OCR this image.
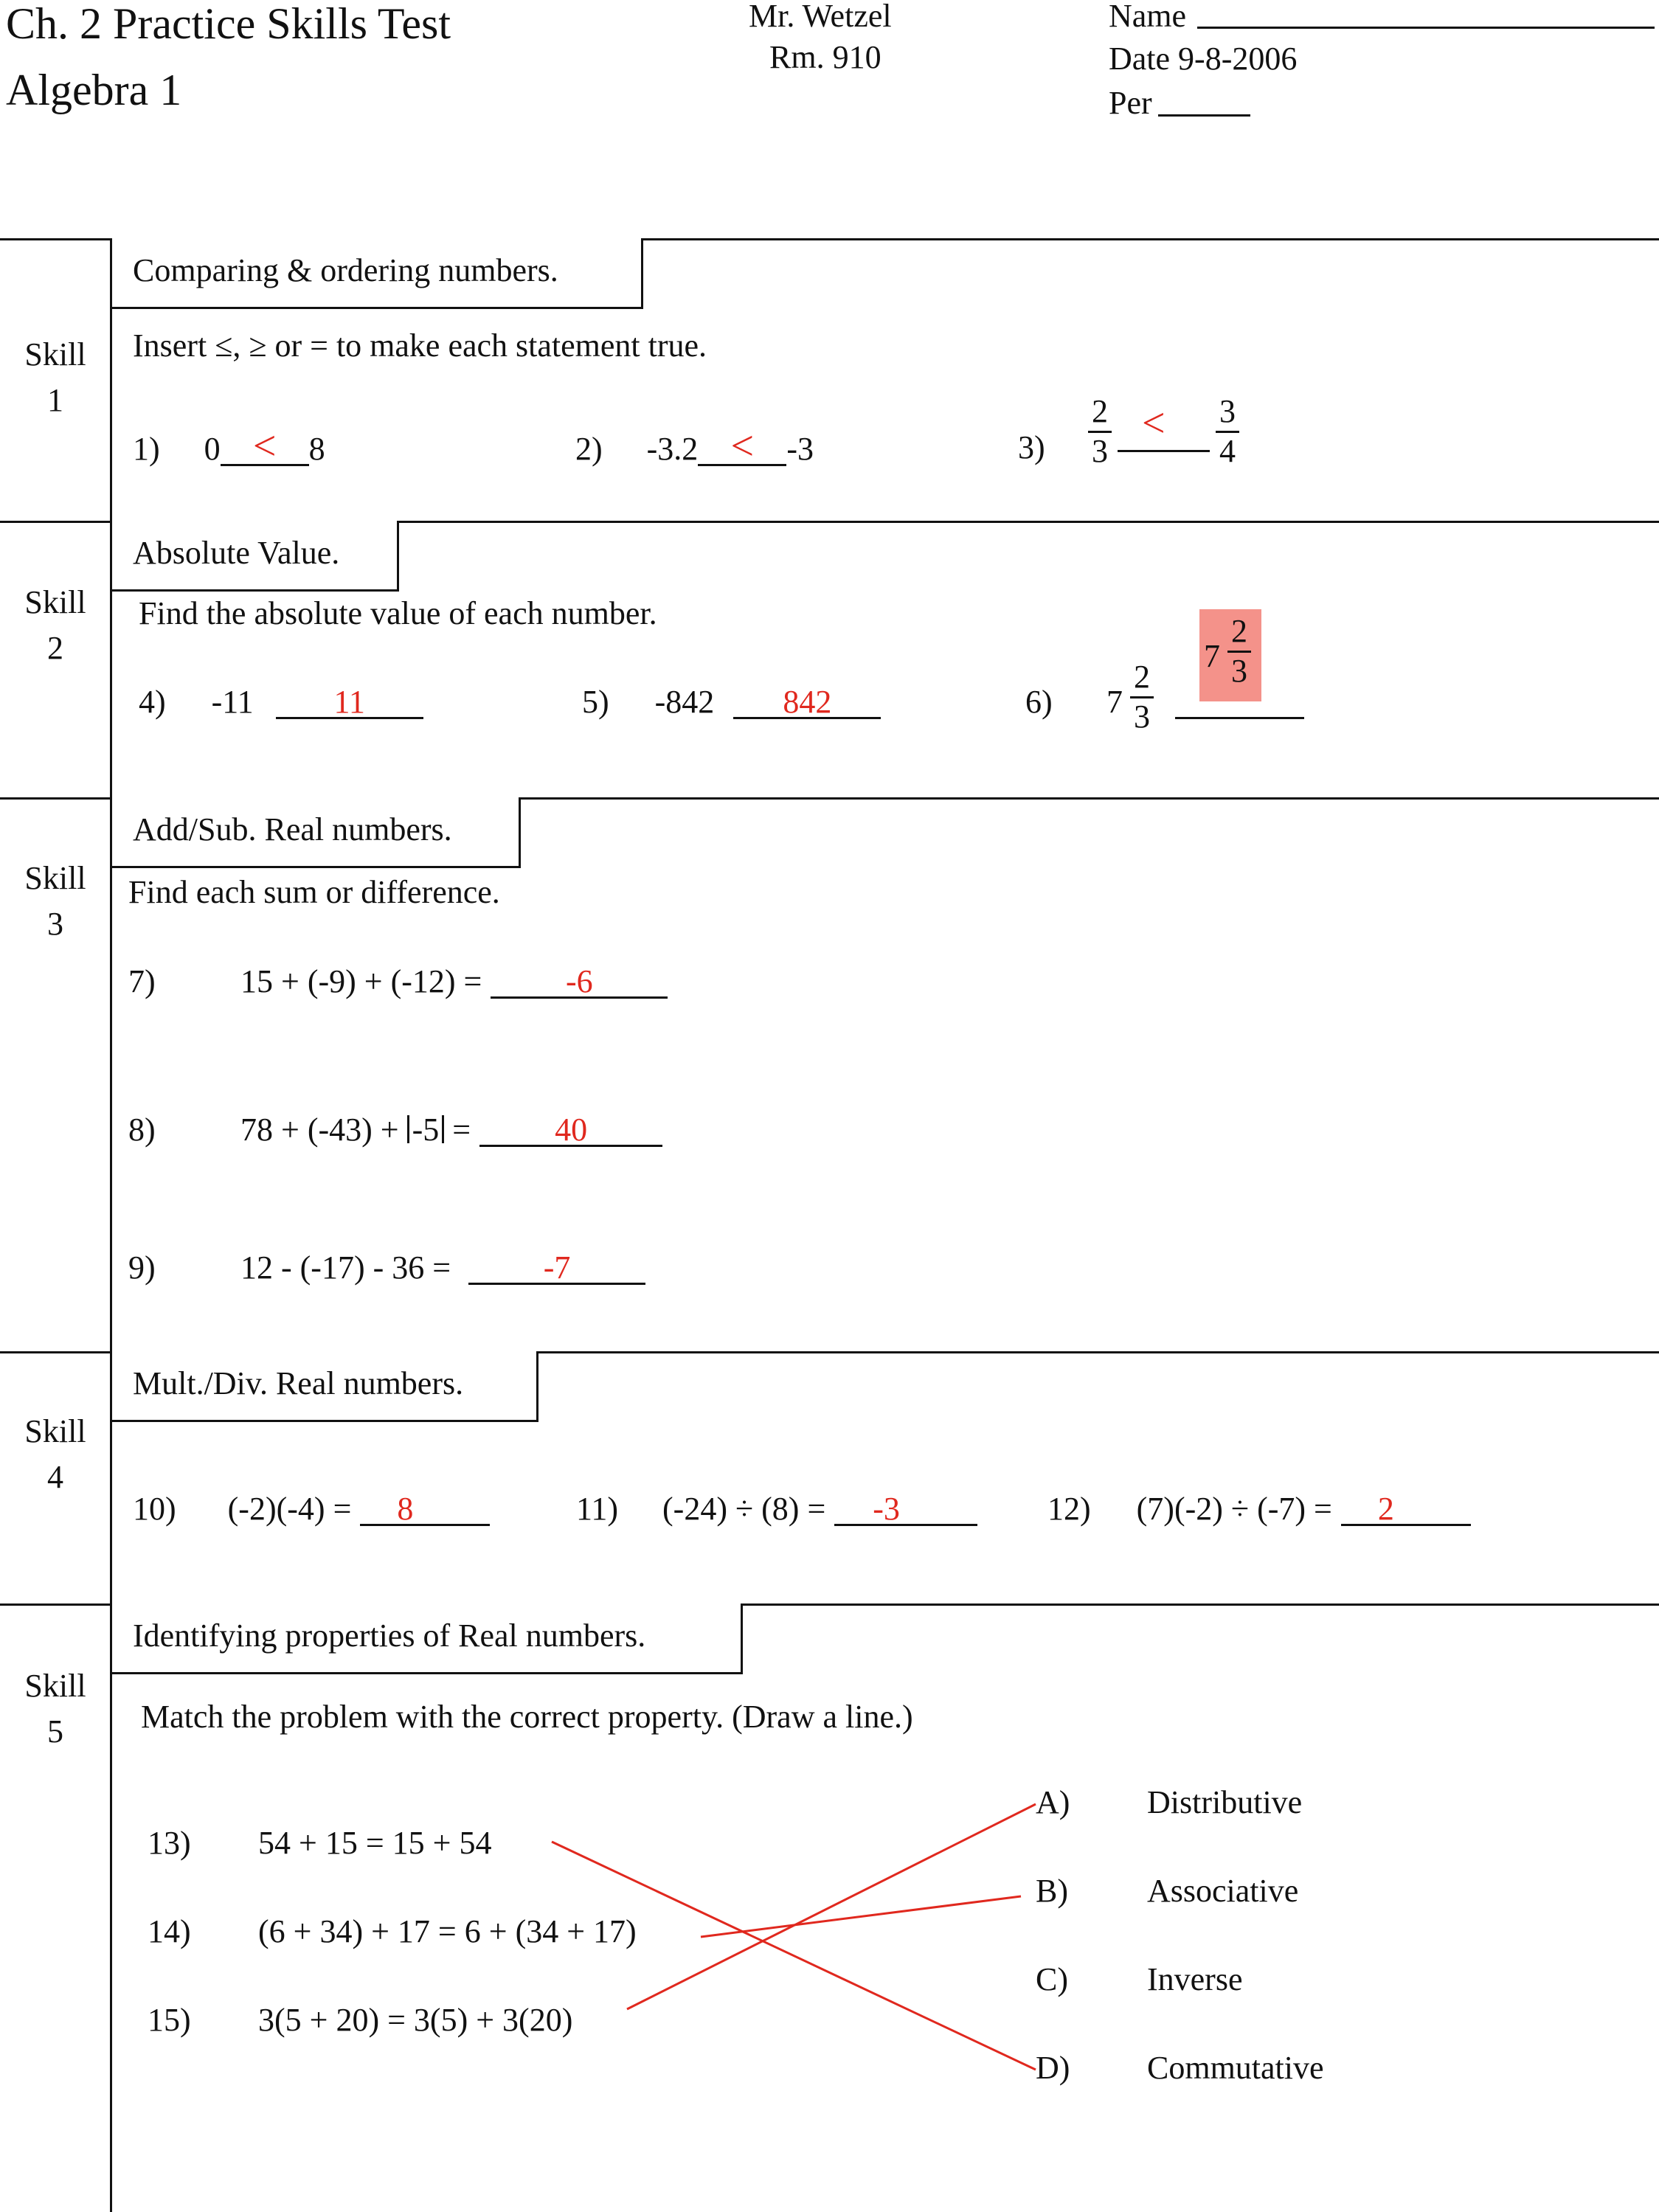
Ch. 2 Practice Skills Test
Algebra 1
Mr. Wetzel
Rm. 910
Name
Date 9-8-2006
Per
Skill
1
Skill
2
Skill
3
Skill
4
Skill
5
Comparing & ordering numbers.
Absolute Value.
Add/Sub. Real numbers.
Mult./Div. Real numbers.
Identifying properties of Real numbers.
Insert ≤, ≥ or = to make each statement true.
Find the absolute value of each number.
Find each sum or difference.
Match the problem with the correct property. (Draw a line.)
1) 0 < 8	2) -3.2 < -3	3)
2
3
<	3
4
4) -11 11	5) -842 842	6) 7
2
3
7
2
3
7)	15 + (-9) + (-12) =	-6
8)	78 + (-43) + -5 =	40
9)	12 - (-17) - 36 =	-7
10) (-2)(-4) = 8	11) (-24) ÷ (8) = -3	12) (7)(-2) ÷ (-7) = 2
13) 54 + 15 = 15 + 54
14) (6 + 34) + 17 = 6 + (34 + 17)
15) 3(5 + 20) = 3(5) + 3(20)
A) Distributive
B) Associative
C) Inverse
D) Commutative
